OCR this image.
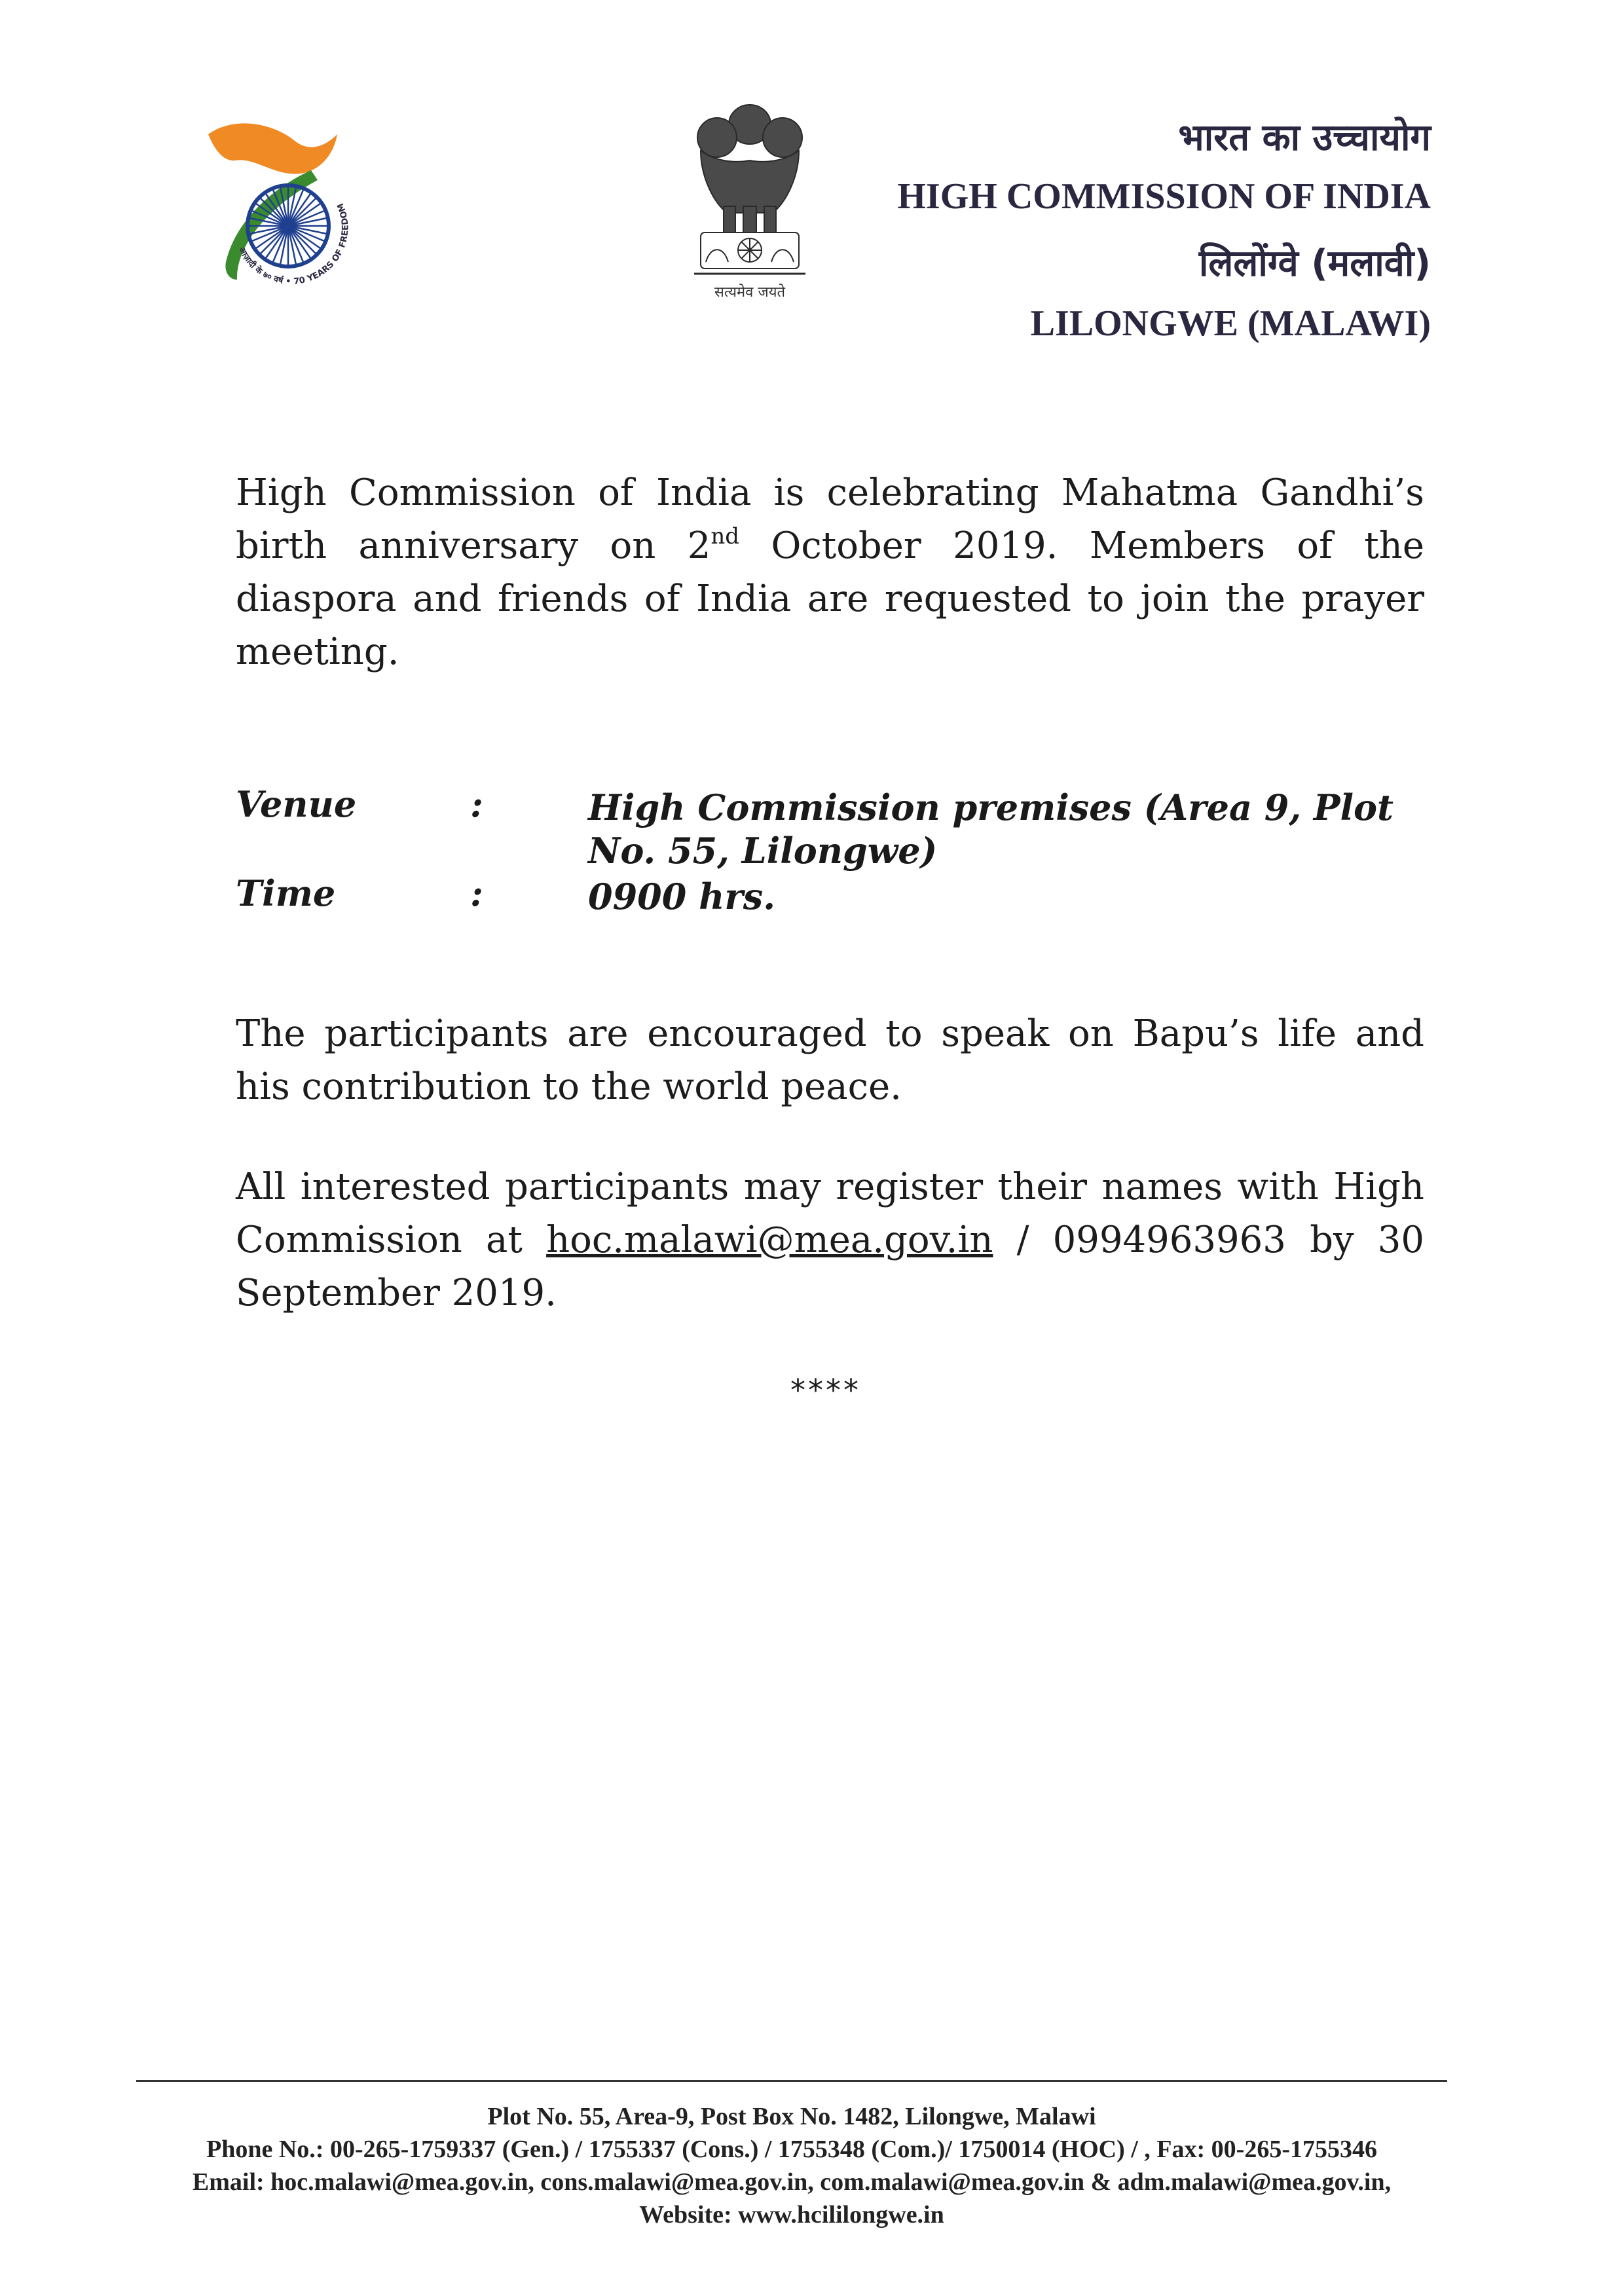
आज़ादी के ७० वर्ष • 70 YEARS OF FREEDOM
सत्यमेव जयते
भारत का उच्चायोग
HIGH COMMISSION OF INDIA
लिलोंग्वे (मलावी)
LILONGWE (MALAWI)
High Commission of India is celebrating Mahatma Gandhi’s birth anniversary on 2nd October 2019. Members of the diaspora and friends of India are requested to join the prayer meeting.
Venue	:	High Commission premises (Area 9, Plot No. 55, Lilongwe)
Time	:	0900 hrs.
The participants are encouraged to speak on Bapu’s life and his contribution to the world peace.
All interested participants may register their names with High Commission at hoc.malawi@mea.gov.in / 0994963963 by 30 September 2019.
****
Plot No. 55, Area-9, Post Box No. 1482, Lilongwe, Malawi
Phone No.: 00-265-1759337 (Gen.) / 1755337 (Cons.) / 1755348 (Com.)/ 1750014 (HOC) / , Fax: 00-265-1755346
Email: hoc.malawi@mea.gov.in, cons.malawi@mea.gov.in, com.malawi@mea.gov.in & adm.malawi@mea.gov.in,
Website: www.hcililongwe.in
